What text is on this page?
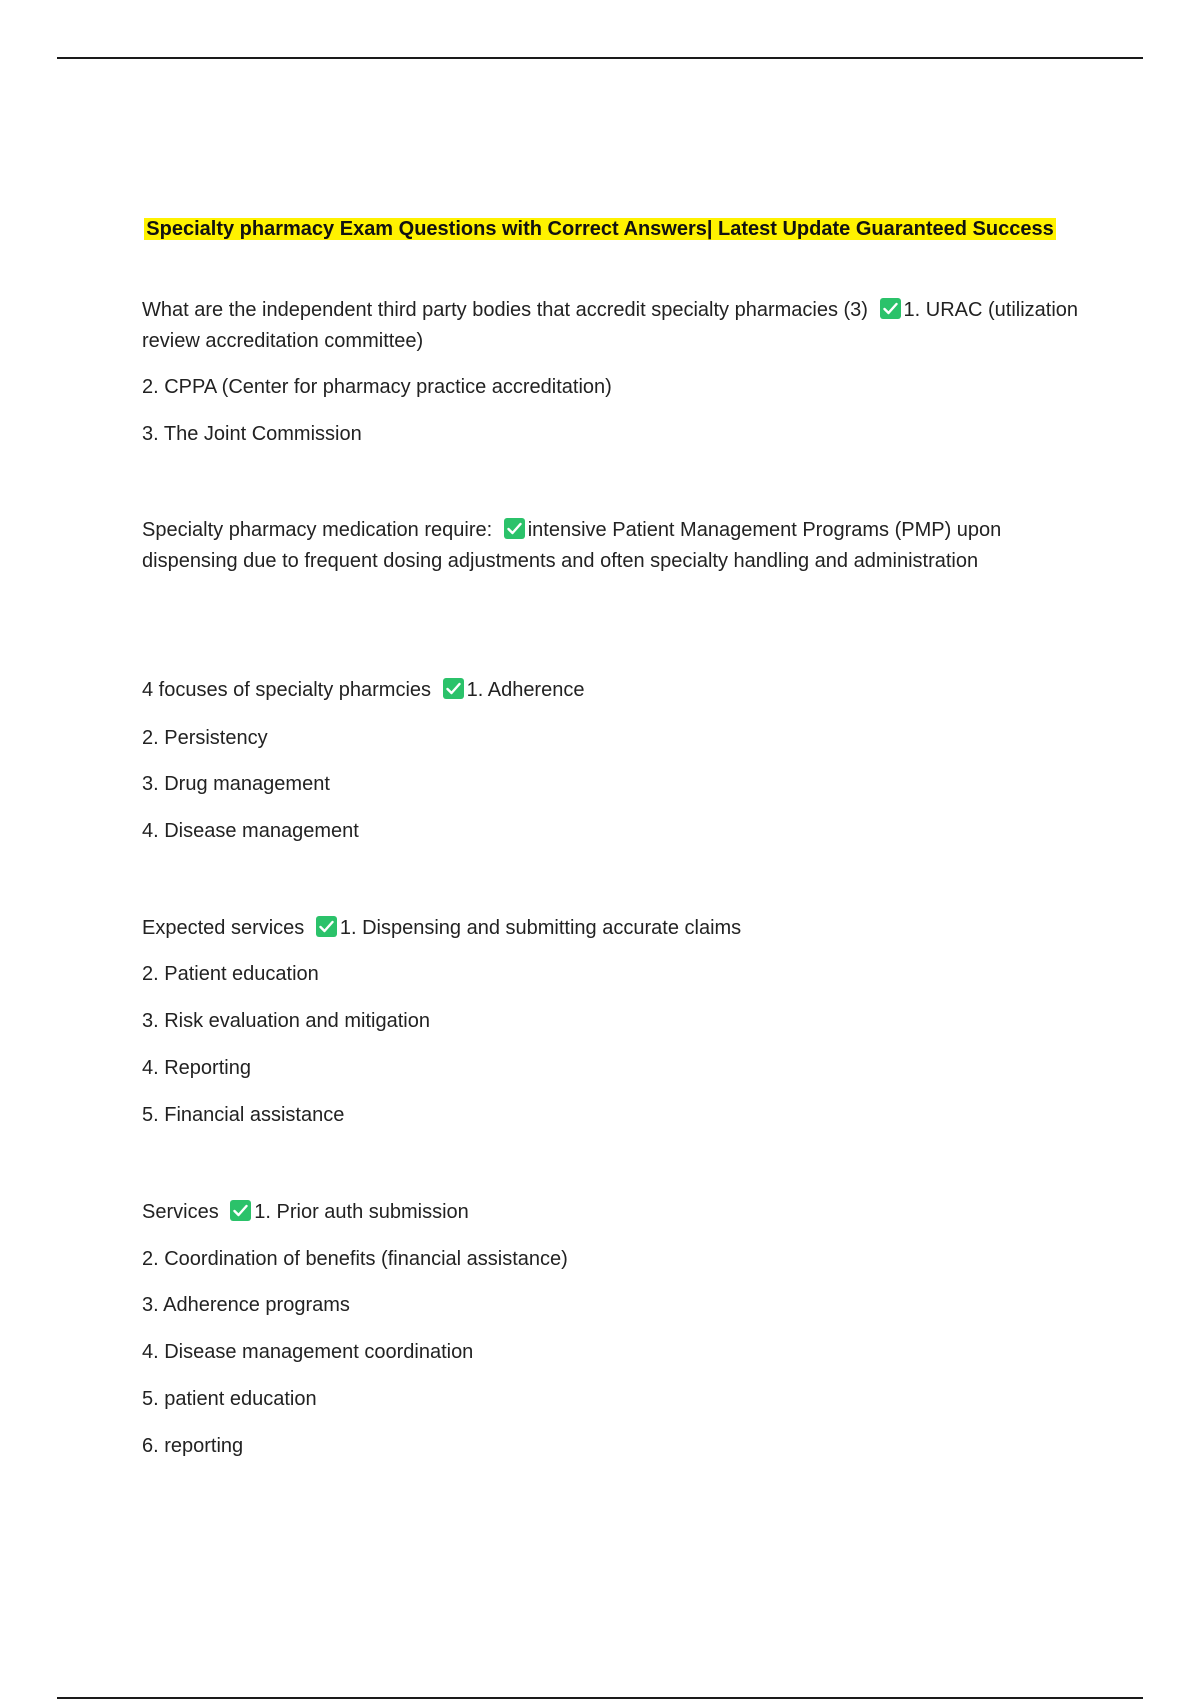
Specialty pharmacy Exam Questions with Correct Answers| Latest Update Guaranteed Success
What are the independent third party bodies that accredit specialty pharmacies (3) 1. URAC (utilization review accreditation committee)
2. CPPA (Center for pharmacy practice accreditation)
3. The Joint Commission
Specialty pharmacy medication require: intensive Patient Management Programs (PMP) upon dispensing due to frequent dosing adjustments and often specialty handling and administration
4 focuses of specialty pharmcies 1. Adherence
2. Persistency
3. Drug management
4. Disease management
Expected services 1. Dispensing and submitting accurate claims
2. Patient education
3. Risk evaluation and mitigation
4. Reporting
5. Financial assistance
Services 1. Prior auth submission
2. Coordination of benefits (financial assistance)
3. Adherence programs
4. Disease management coordination
5. patient education
6. reporting
